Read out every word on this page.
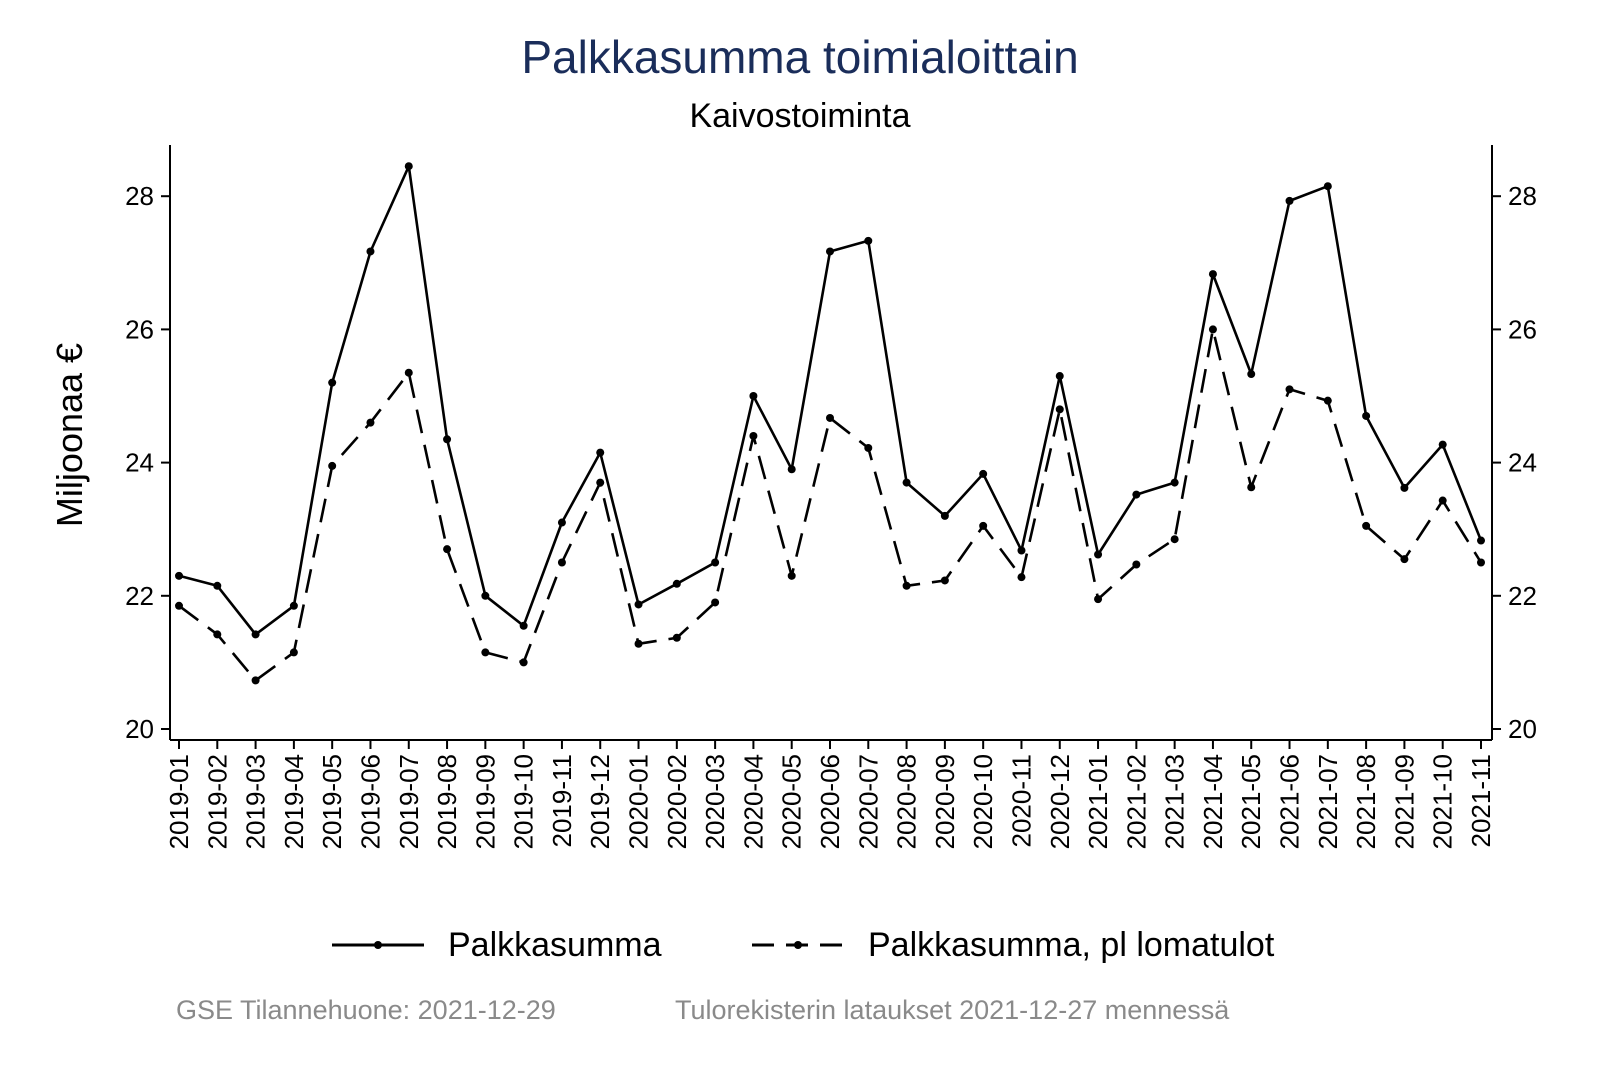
Palkkasumma toimialoittain
Kaivostoiminta
20	20
22	22
24	24
26	26
28	28
2019-01 2019-02 2019-03 2019-04 2019-05 2019-06 2019-07 2019-08 2019-09 2019-10 2019-11 2019-12 2020-01 2020-02 2020-03 2020-04 2020-05 2020-06 2020-07 2020-08 2020-09 2020-10 2020-11 2020-12 2021-01 2021-02 2021-03 2021-04 2021-05 2021-06 2021-07 2021-08 2021-09 2021-10 2021-11
Miljoonaa €
Palkkasumma	Palkkasumma, pl lomatulot
GSE Tilannehuone: 2021-12-29	Tulorekisterin lataukset 2021-12-27 mennessä
